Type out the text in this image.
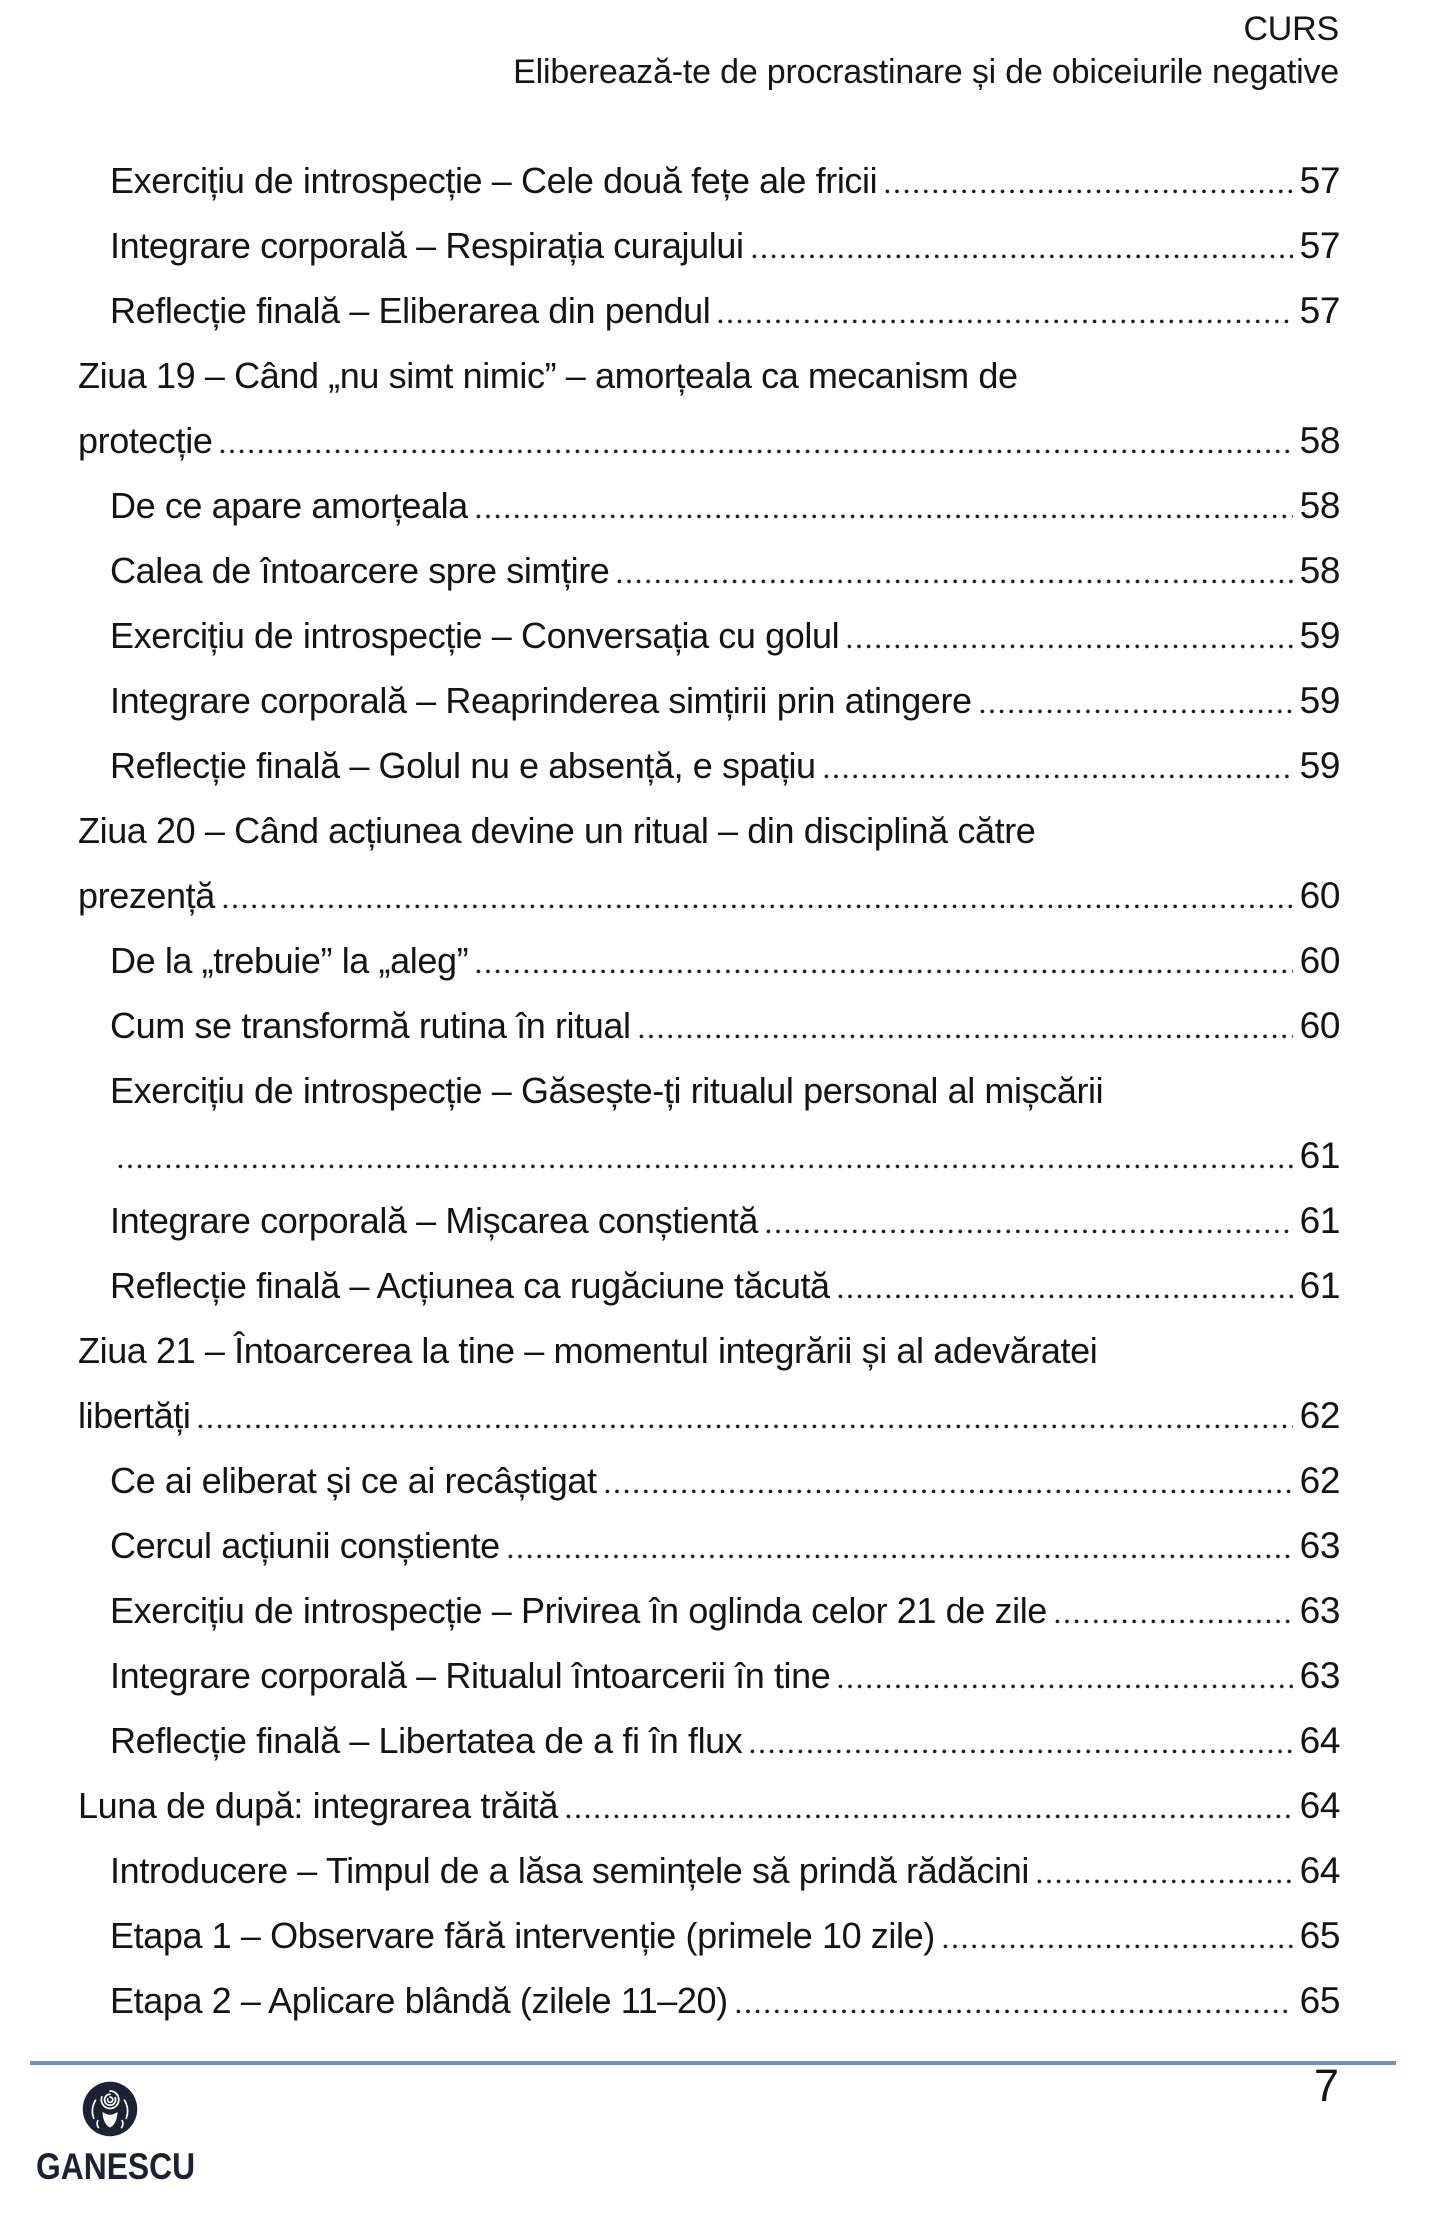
CURS
Eliberează-te de procrastinare și de obiceiurile negative
Exercițiu de introspecție – Cele două fețe ale fricii	57
Integrare corporală – Respirația curajului	57
Reflecție finală – Eliberarea din pendul	57
Ziua 19 – Când „nu simt nimic” – amorțeala ca mecanism de
protecție	58
De ce apare amorțeala	58
Calea de întoarcere spre simțire	58
Exercițiu de introspecție – Conversația cu golul	59
Integrare corporală – Reaprinderea simțirii prin atingere	59
Reflecție finală – Golul nu e absență, e spațiu	59
Ziua 20 – Când acțiunea devine un ritual – din disciplină către
prezență	60
De la „trebuie” la „aleg”	60
Cum se transformă rutina în ritual	60
Exercițiu de introspecție – Găsește-ți ritualul personal al mișcării
61
Integrare corporală – Mișcarea conștientă	61
Reflecție finală – Acțiunea ca rugăciune tăcută	61
Ziua 21 – Întoarcerea la tine – momentul integrării și al adevăratei
libertăți	62
Ce ai eliberat și ce ai recâștigat	62
Cercul acțiunii conștiente	63
Exercițiu de introspecție – Privirea în oglinda celor 21 de zile	63
Integrare corporală – Ritualul întoarcerii în tine	63
Reflecție finală – Libertatea de a fi în flux	64
Luna de după: integrarea trăită	64
Introducere – Timpul de a lăsa semințele să prindă rădăcini	64
Etapa 1 – Observare fără intervenție (primele 10 zile)	65
Etapa 2 – Aplicare blândă (zilele 11–20)	65
7
GANESCU
